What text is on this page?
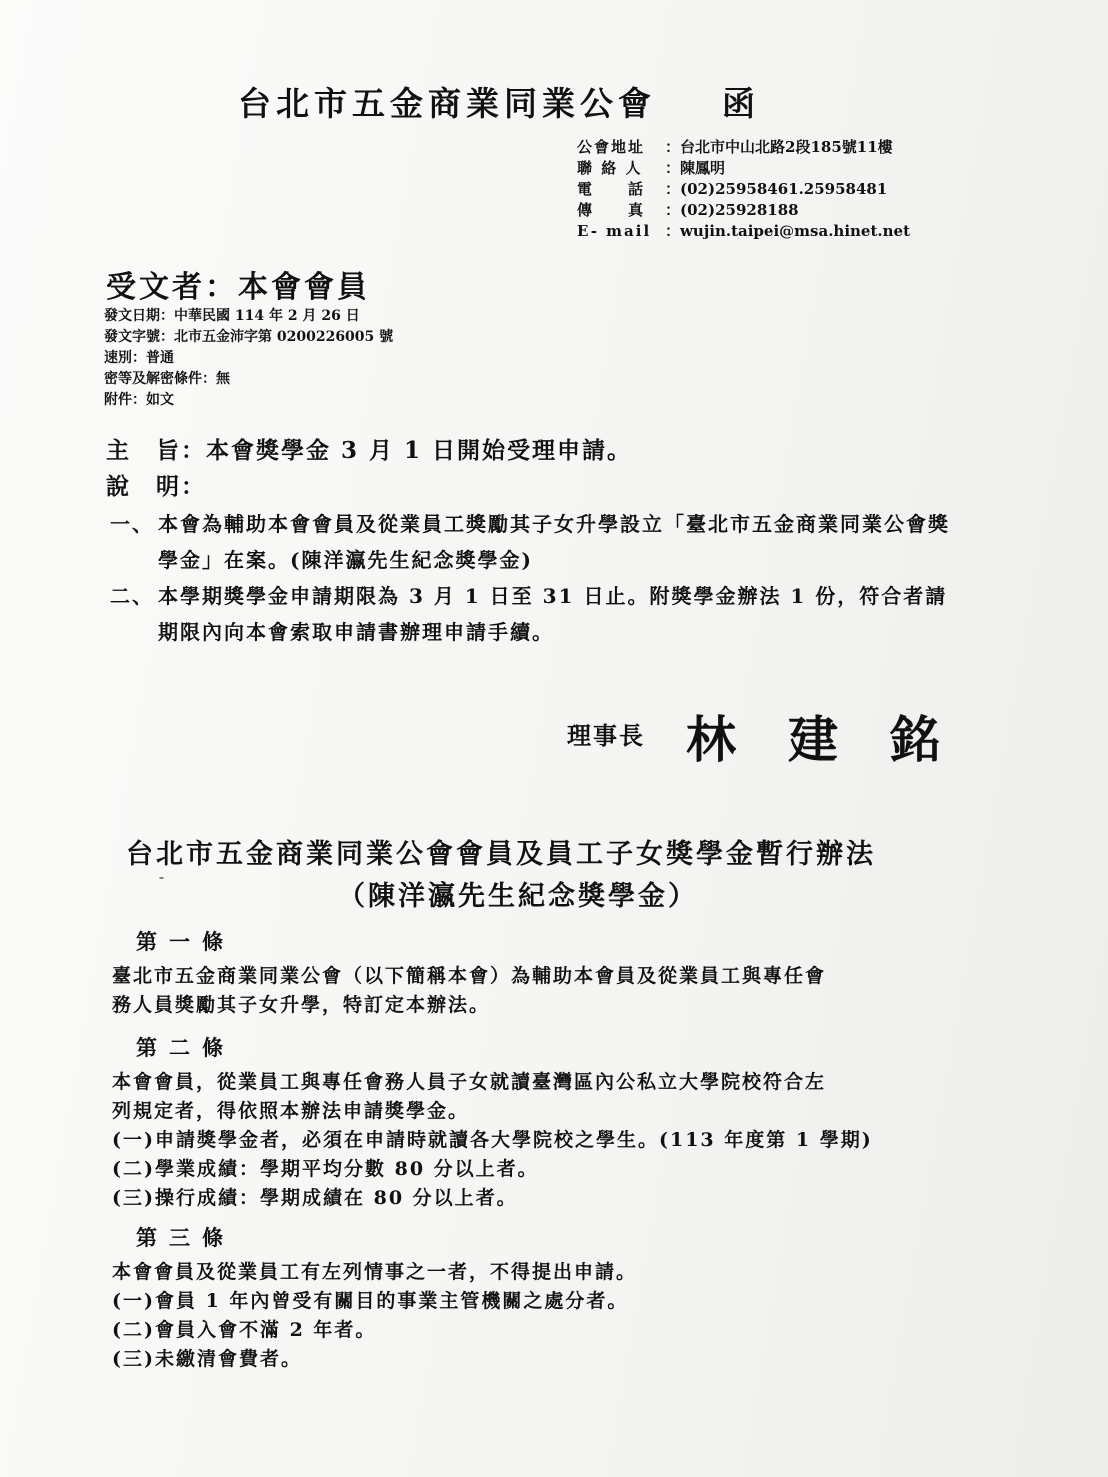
台北市五金商業同業公會 函
公會地址	： 台北市中山北路2段185號11樓
聯 絡 人	： 陳鳳明
電　　話	： (02)25958461.25958481
傳　　真	： (02)25928188
E- mail ： wujin.taipei@msa.hinet.net
受文者：本會會員
發文日期：中華民國 114 年 2 月 26 日
發文字號：北市五金沛字第 0200226005 號
速別：普通
密等及解密條件：無
附件：如文
主　旨：本會獎學金 3 月 1 日開始受理申請。
說　明：
一、 本會為輔助本會會員及從業員工獎勵其子女升學設立「臺北市五金商業同業公會獎學金」在案。(陳洋瀛先生紀念獎學金)
二、 本學期獎學金申請期限為 3 月 1 日至 31 日止。附獎學金辦法 1 份，符合者請期限內向本會索取申請書辦理申請手續。
理事長 林建銘
台北市五金商業同業公會會員及員工子女獎學金暫行辦法
ˉ	（陳洋瀛先生紀念獎學金）
第一條
臺北市五金商業同業公會（以下簡稱本會）為輔助本會員及從業員工與專任會
務人員獎勵其子女升學，特訂定本辦法。
第二條
本會會員，從業員工與專任會務人員子女就讀臺灣區內公私立大學院校符合左
列規定者，得依照本辦法申請獎學金。
(一)申請獎學金者，必須在申請時就讀各大學院校之學生。(113 年度第 1 學期)
(二)學業成績：學期平均分數 80 分以上者。
(三)操行成績：學期成績在 80 分以上者。
第三條
本會會員及從業員工有左列情事之一者，不得提出申請。
(一)會員 1 年內曾受有關目的事業主管機關之處分者。
(二)會員入會不滿 2 年者。
(三)未繳清會費者。
